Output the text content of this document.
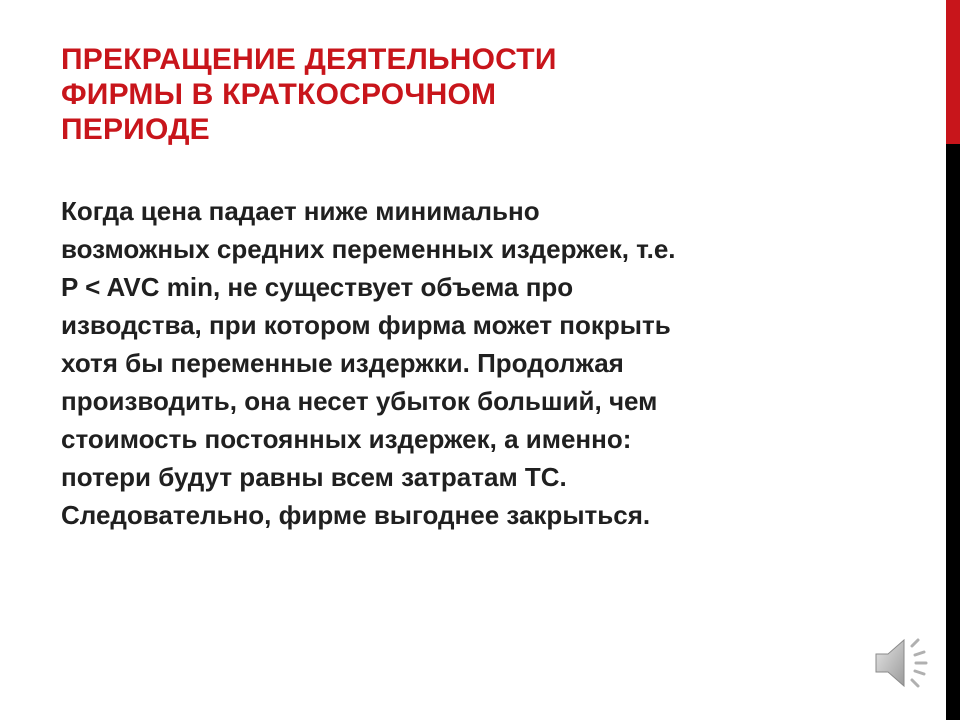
ПРЕКРАЩЕНИЕ ДЕЯТЕЛЬНОСТИ
ФИРМЫ В КРАТКОСРОЧНОМ
ПЕРИОДЕ

Когда цена падает ниже минимально
возможных средних переменных издержек, т.е.
P < AVC min, не существует объема про
изводства, при котором фирма может покрыть
хотя бы переменные издержки. Продолжая
производить, она несет убыток больший, чем
стоимость постоянных издержек, а именно:
потери будут равны всем затратам ТС.
Следовательно, фирме выгоднее закрыться.
